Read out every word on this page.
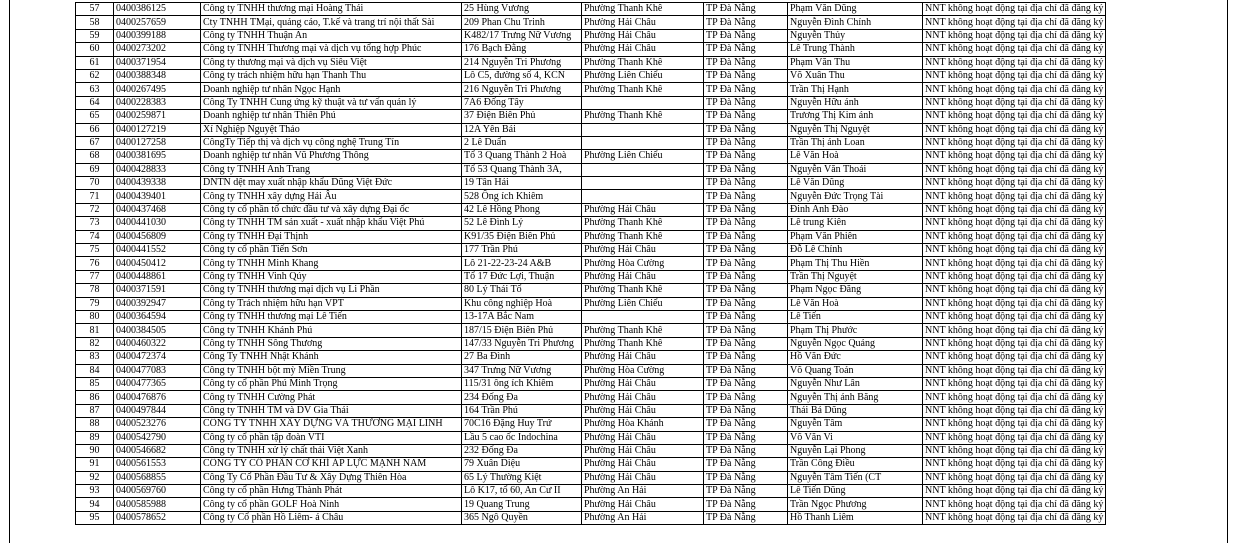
57	0400386125	Công ty TNHH thương mại Hoàng Thái	25 Hùng Vương	Phường Thanh Khê	TP Đà Nẵng	Phạm Văn Dũng	NNT không hoạt động tại địa chỉ đã đăng ký
58	0400257659	Cty TNHH TMại, quảng cáo, T.kế và trang trí nội thất Sài	209 Phan Chu Trinh	Phường Hải Châu	TP Đà Nẵng	Nguyễn Đình Chính	NNT không hoạt động tại địa chỉ đã đăng ký
59	0400399188	Công ty TNHH Thuận An	K482/17 Trưng Nữ Vương	Phường Hải Châu	TP Đà Nẵng	Nguyễn Thủy	NNT không hoạt động tại địa chỉ đã đăng ký
60	0400273202	Công ty TNHH Thương mại và dịch vụ tổng hợp Phúc	176 Bạch Đằng	Phường Hải Châu	TP Đà Nẵng	Lê Trung Thành	NNT không hoạt động tại địa chỉ đã đăng ký
61	0400371954	Công ty thương mại và dịch vụ Siêu Việt	214 Nguyễn Tri Phương	Phường Thanh Khê	TP Đà Nẵng	Phạm Văn Thu	NNT không hoạt động tại địa chỉ đã đăng ký
62	0400388348	Công ty trách nhiệm hữu hạn Thanh Thu	Lô C5, đường số 4, KCN	Phường Liên Chiểu	TP Đà Nẵng	Võ Xuân Thu	NNT không hoạt động tại địa chỉ đã đăng ký
63	0400267495	Doanh nghiệp tư nhân Ngọc Hạnh	216 Nguyễn Tri Phương	Phường Thanh Khê	TP Đà Nẵng	Trần Thị Hạnh	NNT không hoạt động tại địa chỉ đã đăng ký
64	0400228383	Công Ty TNHH Cung ứng kỹ thuật và tư vấn quản lý	7A6 Đống Tây		TP Đà Nẵng	Nguyễn Hữu ánh	NNT không hoạt động tại địa chỉ đã đăng ký
65	0400259871	Doanh nghiệp tư nhân Thiên Phú	37 Điện Biên Phủ	Phường Thanh Khê	TP Đà Nẵng	Trương Thị Kim ánh	NNT không hoạt động tại địa chỉ đã đăng ký
66	0400127219	Xí Nghiệp Nguyệt Thảo	12A Yên Bái		TP Đà Nẵng	Nguyễn Thị Nguyệt	NNT không hoạt động tại địa chỉ đã đăng ký
67	0400127258	CôngTy Tiếp thị và dịch vụ công nghệ Trung Tín	2 Lê Duẩn		TP Đà Nẵng	Trần Thị ánh Loan	NNT không hoạt động tại địa chỉ đã đăng ký
68	0400381695	Doanh nghiệp tư nhân Vũ Phương Thông	Tổ 3 Quang Thành 2 Hoà	Phường Liên Chiểu	TP Đà Nẵng	Lê Văn Hoà	NNT không hoạt động tại địa chỉ đã đăng ký
69	0400428833	Công ty TNHH Anh Trang	Tổ 53 Quang Thành 3A,		TP Đà Nẵng	Nguyễn Văn Thoái	NNT không hoạt động tại địa chỉ đã đăng ký
70	0400439338	DNTN dệt may xuất nhập khẩu Dũng Việt Đức	19 Tân Hải		TP Đà Nẵng	Lê Văn Dũng	NNT không hoạt động tại địa chỉ đã đăng ký
71	0400439401	Công ty TNHH xây dựng Hải Âu	528 Ông ích Khiêm		TP Đà Nẵng	Nguyễn Đức Trọng Tài	NNT không hoạt động tại địa chỉ đã đăng ký
72	0400437468	Công ty cổ phần tổ chức đầu tư và xây dựng Đại ốc	42 Lê Hồng Phong	Phường Hải Châu	TP Đà Nẵng	Đinh Anh Đào	NNT không hoạt động tại địa chỉ đã đăng ký
73	0400441030	Công ty TNHH TM sản xuất - xuất nhập khẩu Việt Phú	52 Lê Đình Lý	Phường Thanh Khê	TP Đà Nẵng	Lê trung Kiên	NNT không hoạt động tại địa chỉ đã đăng ký
74	0400456809	Công ty TNHH Đại Thịnh	K91/35 Điện Biên Phủ	Phường Thanh Khê	TP Đà Nẵng	Phạm Văn Phiên	NNT không hoạt động tại địa chỉ đã đăng ký
75	0400441552	Công ty cổ phần Tiến Sơn	177 Trần Phú	Phường Hải Châu	TP Đà Nẵng	Đỗ Lê Chính	NNT không hoạt động tại địa chỉ đã đăng ký
76	0400450412	Công ty TNHH Minh Khang	Lô 21-22-23-24 A&B	Phường Hòa Cường	TP Đà Nẵng	Phạm Thị Thu Hiền	NNT không hoạt động tại địa chỉ đã đăng ký
77	0400448861	Công ty TNHH Vinh Qúy	Tổ 17 Đức Lợi, Thuận	Phường Hải Châu	TP Đà Nẵng	Trần Thị Nguyệt	NNT không hoạt động tại địa chỉ đã đăng ký
78	0400371591	Công ty TNHH thương mại dịch vụ Li Phần	80 Lý Thái Tổ	Phường Thanh Khê	TP Đà Nẵng	Phạm Ngọc Đăng	NNT không hoạt động tại địa chỉ đã đăng ký
79	0400392947	Công ty Trách nhiệm hữu hạn VPT	Khu công nghiệp Hoà	Phường Liên Chiểu	TP Đà Nẵng	Lê Văn Hoà	NNT không hoạt động tại địa chỉ đã đăng ký
80	0400364594	Công ty TNHH thương mại Lê Tiến	13-17A Bắc Nam		TP Đà Nẵng	Lê Tiến	NNT không hoạt động tại địa chỉ đã đăng ký
81	0400384505	Công ty TNHH Khánh Phú	187/15 Điện Biên Phủ	Phường Thanh Khê	TP Đà Nẵng	Phạm Thị Phước	NNT không hoạt động tại địa chỉ đã đăng ký
82	0400460322	Công ty TNHH Sông Thương	147/33 Nguyễn Tri Phương	Phường Thanh Khê	TP Đà Nẵng	Nguyễn Ngọc Quảng	NNT không hoạt động tại địa chỉ đã đăng ký
83	0400472374	Công Ty TNHH Nhật Khánh	27 Ba Đình	Phường Hải Châu	TP Đà Nẵng	Hồ Văn Đức	NNT không hoạt động tại địa chỉ đã đăng ký
84	0400477083	Công ty TNHH bột mỳ Miền Trung	347 Trưng Nữ Vương	Phường Hòa Cường	TP Đà Nẵng	Võ Quang Toản	NNT không hoạt động tại địa chỉ đã đăng ký
85	0400477365	Công ty cổ phần Phú Minh Trọng	115/31 ông ích Khiêm	Phường Hải Châu	TP Đà Nẵng	Nguyễn Như Lân	NNT không hoạt động tại địa chỉ đã đăng ký
86	0400476876	Công ty TNHH Cường Phát	234 Đống Đa	Phường Hải Châu	TP Đà Nẵng	Nguyễn Thị ánh Băng	NNT không hoạt động tại địa chỉ đã đăng ký
87	0400497844	Công ty TNHH TM và DV Gia Thái	164 Trần Phú	Phường Hải Châu	TP Đà Nẵng	Thái Bá Dũng	NNT không hoạt động tại địa chỉ đã đăng ký
88	0400523276	CÔNG TY TNHH XÂY DỰNG VÀ THƯƠNG MẠI LINH	70C16 Đặng Huy Trứ	Phường Hòa Khánh	TP Đà Nẵng	Nguyễn Tâm	NNT không hoạt động tại địa chỉ đã đăng ký
89	0400542790	Công ty cổ phần tập đoàn VTI	Lầu 5 cao ốc Indochina	Phường Hải Châu	TP Đà Nẵng	Võ Văn Vi	NNT không hoạt động tại địa chỉ đã đăng ký
90	0400546682	Công ty TNHH xử lý chất thải Việt Xanh	232 Đống Đa	Phường Hải Châu	TP Đà Nẵng	Nguyễn Lại Phong	NNT không hoạt động tại địa chỉ đã đăng ký
91	0400561553	CÔNG TY CỔ PHẦN CƠ KHÍ ÁP LỰC MẠNH NAM	79 Xuân Diệu	Phường Hải Châu	TP Đà Nẵng	Trần Công Điều	NNT không hoạt động tại địa chỉ đã đăng ký
92	0400568855	Công Ty Cổ Phần Đầu Tư & Xây Dựng Thiên Hòa	65 Lý Thường Kiệt	Phường Hải Châu	TP Đà Nẵng	Nguyễn Tâm Tiến (CT	NNT không hoạt động tại địa chỉ đã đăng ký
93	0400569760	Công ty cổ phần Hưng Thành Phát	Lô K17, tổ 60, An Cư II	Phường An Hải	TP Đà Nẵng	Lê Tiến Dũng	NNT không hoạt động tại địa chỉ đã đăng ký
94	0400585988	Công ty cổ phần GOLF Hoà Ninh	19 Quang Trung	Phường Hải Châu	TP Đà Nẵng	Trần Ngọc Phương	NNT không hoạt động tại địa chỉ đã đăng ký
95	0400578652	Công ty Cổ phần Hồ Liêm- á Châu	365 Ngô Quyền	Phường An Hải	TP Đà Nẵng	Hồ Thanh Liêm	NNT không hoạt động tại địa chỉ đã đăng ký
